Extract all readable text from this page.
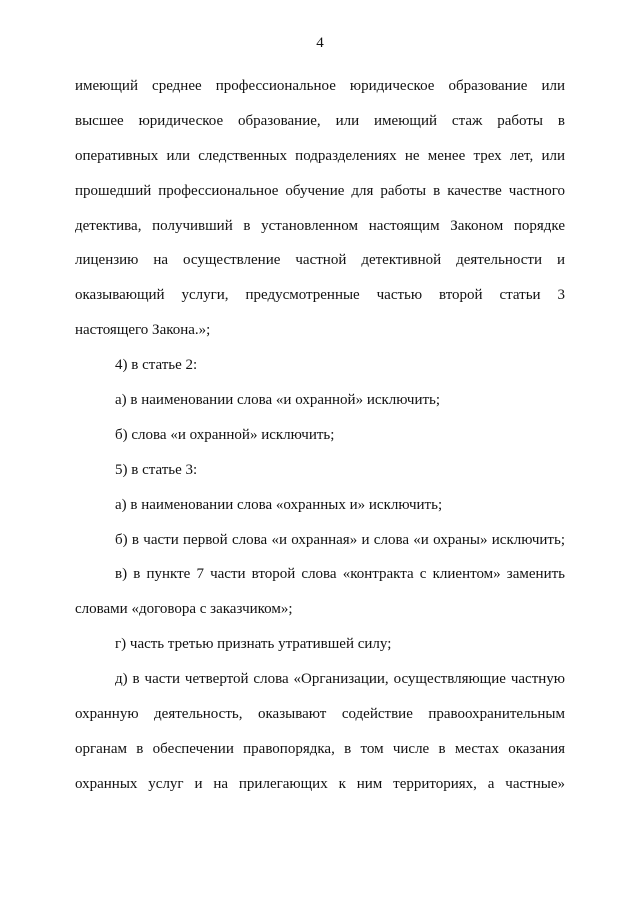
4
имеющий среднее профессиональное юридическое образование или
высшее юридическое образование, или имеющий стаж работы в
оперативных или следственных подразделениях не менее трех лет, или
прошедший профессиональное обучение для работы в качестве частного
детектива, получивший в установленном настоящим Законом порядке
лицензию на осуществление частной детективной деятельности и
оказывающий услуги, предусмотренные частью второй статьи 3
настоящего Закона.»;
4) в статье 2:
а) в наименовании слова «и охранной» исключить;
б) слова «и охранной» исключить;
5) в статье 3:
а) в наименовании слова «охранных и» исключить;
б) в части первой слова «и охранная» и слова «и охраны» исключить;
в) в пункте 7 части второй слова «контракта с клиентом» заменить
словами «договора с заказчиком»;
г) часть третью признать утратившей силу;
д) в части четвертой слова «Организации, осуществляющие частную
охранную деятельность, оказывают содействие правоохранительным
органам в обеспечении правопорядка, в том числе в местах оказания
охранных услуг и на прилегающих к ним территориях, а частные»
